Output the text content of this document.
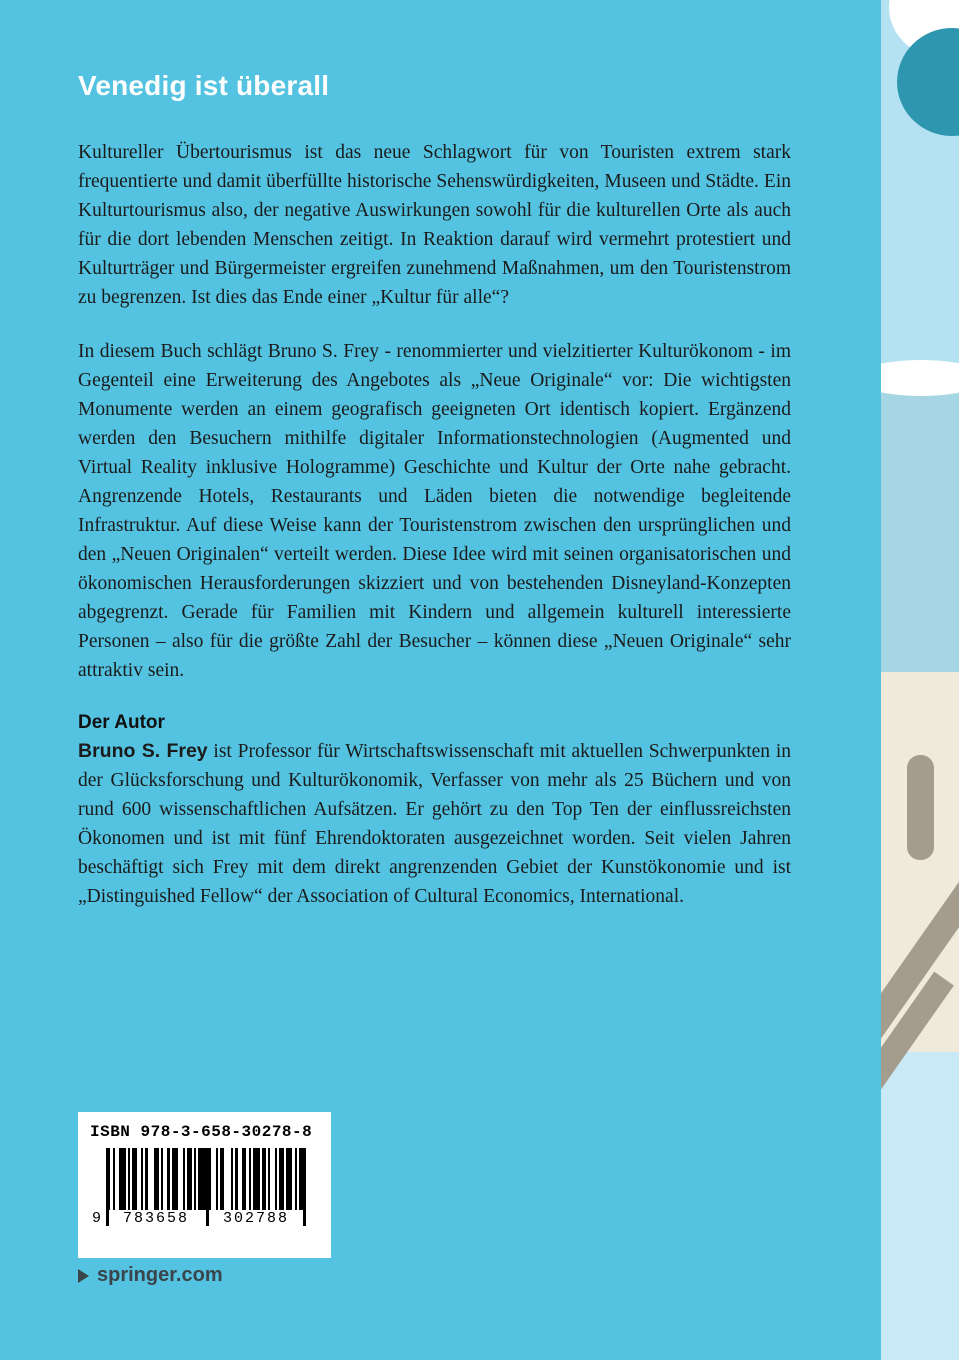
Venedig ist überall

Kultureller Übertourismus ist das neue Schlagwort für von Touristen extrem stark frequentierte und damit überfüllte historische Sehenswürdigkeiten, Museen und Städte. Ein Kulturtourismus also, der negative Auswirkungen sowohl für die kulturellen Orte als auch für die dort lebenden Menschen zeitigt. In Reaktion darauf wird vermehrt protestiert und Kulturträger und Bürgermeister ergreifen zunehmend Maßnahmen, um den Touristenstrom zu begrenzen. Ist dies das Ende einer „Kultur für alle“?

In diesem Buch schlägt Bruno S. Frey - renommierter und vielzitierter Kulturökonom - im Gegenteil eine Erweiterung des Angebotes als „Neue Originale“ vor: Die wichtigsten Monumente werden an einem geografisch geeigneten Ort identisch kopiert. Ergänzend werden den Besuchern mithilfe digitaler Informationstechnologien (Augmented und Virtual Reality inklusive Hologramme) Geschichte und Kultur der Orte nahe gebracht. Angrenzende Hotels, Restaurants und Läden bieten die notwendige begleitende Infrastruktur. Auf diese Weise kann der Touristenstrom zwischen den ursprünglichen und den „Neuen Originalen“ verteilt werden. Diese Idee wird mit seinen organisatorischen und ökonomischen Herausforderungen skizziert und von bestehenden Disneyland-Konzepten abgegrenzt. Gerade für Familien mit Kindern und allgemein kulturell interessierte Personen – also für die größte Zahl der Besucher – können diese „Neuen Originale“ sehr attraktiv sein.

Der Autor

Bruno S. Frey ist Professor für Wirtschaftswissenschaft mit aktuellen Schwerpunkten in der Glücksforschung und Kulturökonomik, Verfasser von mehr als 25 Büchern und von rund 600 wissenschaftlichen Aufsätzen. Er gehört zu den Top Ten der einflussreichsten Ökonomen und ist mit fünf Ehrendoktoraten ausgezeichnet worden. Seit vielen Jahren beschäftigt sich Frey mit dem direkt angrenzenden Gebiet der Kunstökonomie und ist „Distinguished Fellow“ der Association of Cultural Economics, International.

ISBN 978-3-658-30278-8
9	783658	302788
springer.com
